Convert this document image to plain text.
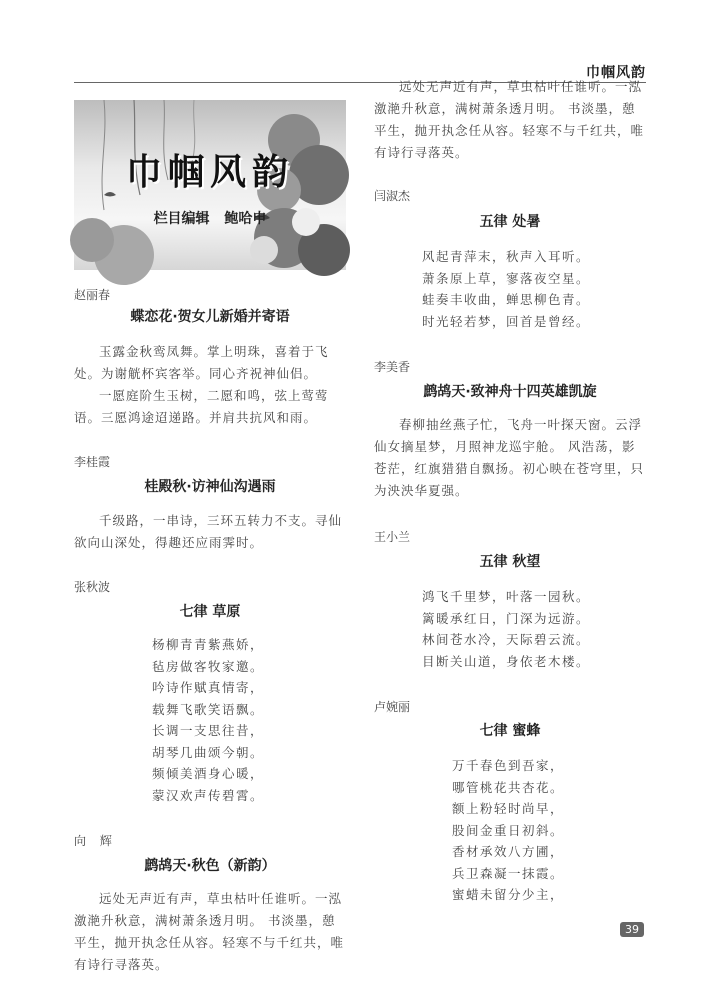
巾帼风韵
巾帼风韵
栏目编辑 鲍哈申
赵丽春
蝶恋花·贺女儿新婚并寄语
玉露金秋鸾凤舞。掌上明珠，喜着于飞处。为谢觥杯宾客举。同心齐祝神仙侣。
一愿庭阶生玉树，二愿和鸣，弦上莺莺语。三愿鸿途迢递路。并肩共抗风和雨。
李桂霞
桂殿秋·访神仙沟遇雨
千级路，一串诗，三环五转力不支。寻仙欲向山深处，得趣还应雨霁时。
张秋波
七律 草原
杨柳青青紫燕娇，
毡房做客牧家邀。
吟诗作赋真情寄，
载舞飞歌笑语飘。
长调一支思往昔，
胡琴几曲颂今朝。
频倾美酒身心暖，
蒙汉欢声传碧霄。
向 辉
鹧鸪天·秋色（新韵）
远处无声近有声，草虫枯叶任谁听。一泓激滟升秋意，满树萧条透月明。 书淡墨，憩平生，抛开执念任从容。轻寒不与千红共，唯有诗行寻落英。
远处无声近有声，草虫枯叶任谁听。一泓激滟升秋意，满树萧条透月明。 书淡墨，憩平生，抛开执念任从容。轻寒不与千红共，唯有诗行寻落英。
闫淑杰
五律 处暑
风起青萍末，秋声入耳听。
萧条原上草，寥落夜空星。
蛙奏丰收曲，蝉思柳色青。
时光轻若梦，回首是曾经。
李美香
鹧鸪天·致神舟十四英雄凯旋
春柳抽丝燕子忙，飞舟一叶探天窗。云浮仙女摘星梦，月照神龙巡宇舱。 风浩荡，影苍茫，红旗猎猎自飘扬。初心映在苍穹里，只为泱泱华夏强。
王小兰
五律 秋望
鸿飞千里梦，叶落一园秋。
篱暖承红日，门深为远游。
林间苍水冷，天际碧云流。
目断关山道，身依老木楼。
卢婉丽
七律 蜜蜂
万千春色到吾家，
哪管桃花共杏花。
额上粉轻时尚早，
股间金重日初斜。
香材承效八方圃，
兵卫森凝一抹霞。
蜜蜡未留分少主，
39
